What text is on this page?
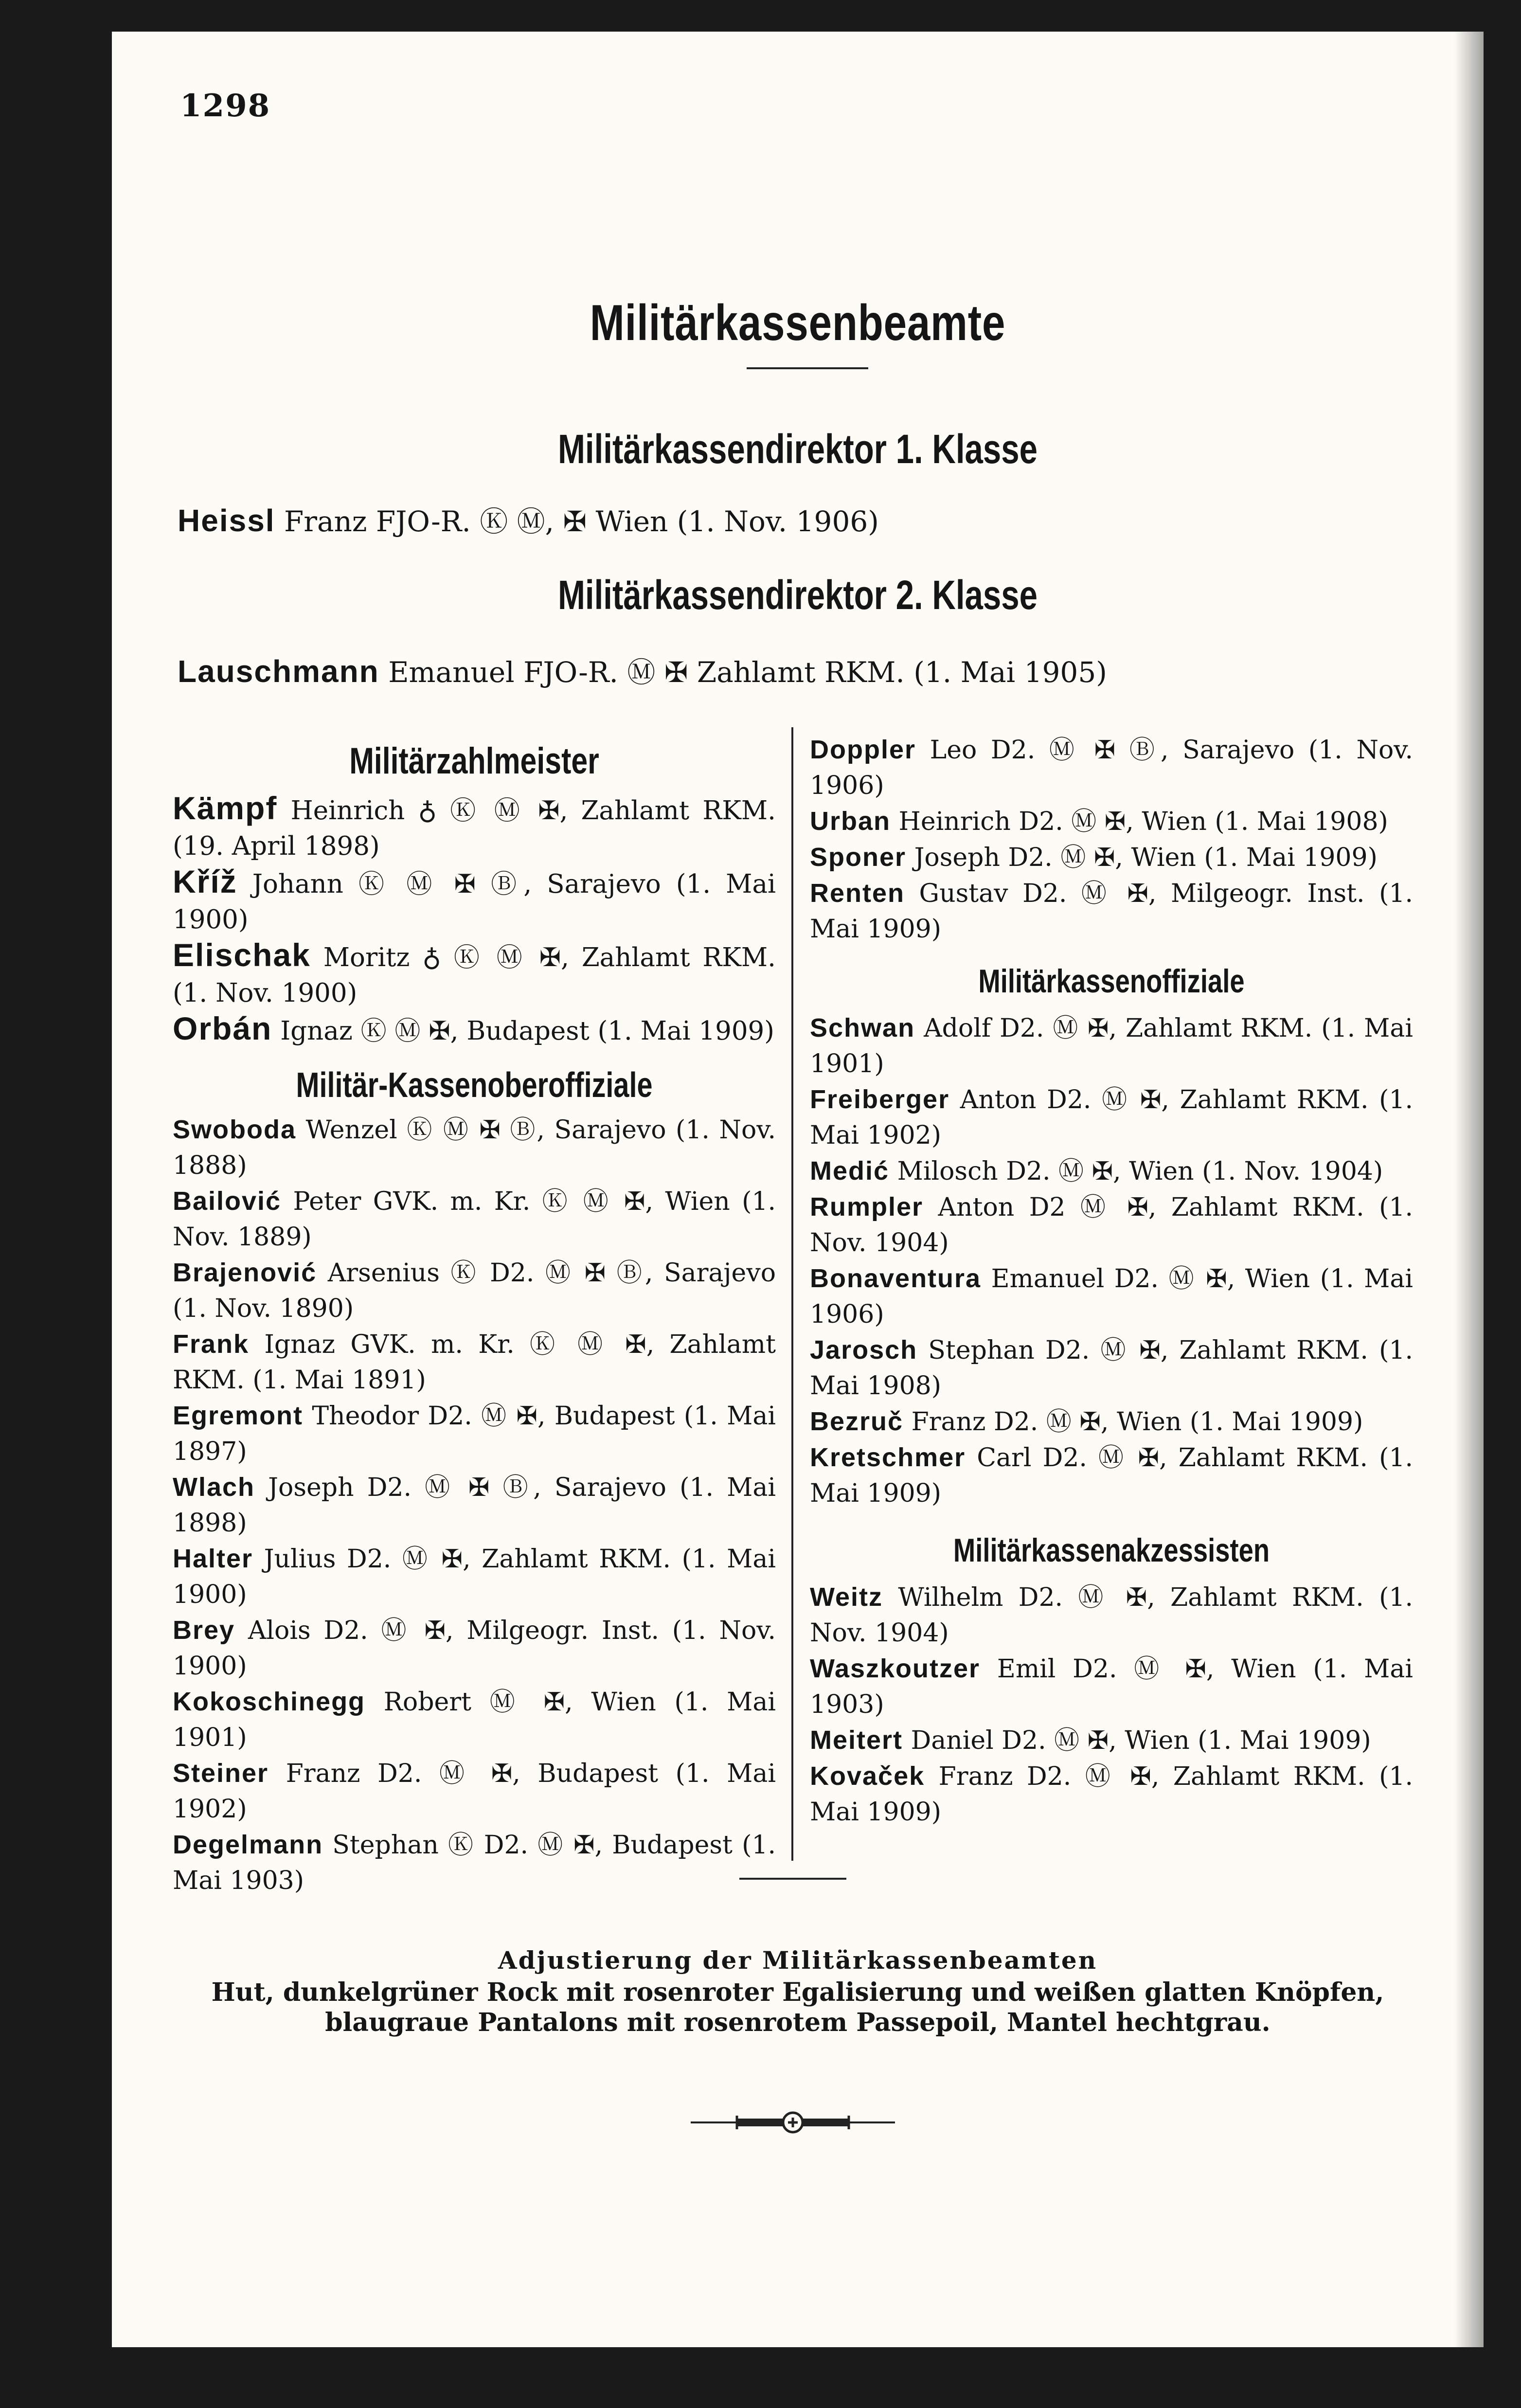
1298
Militärkassenbeamte
Militärkassendirektor 1. Klasse
Heissl Franz FJO-R. Ⓚ Ⓜ, ✠ Wien (1. Nov. 1906)
Militärkassendirektor 2. Klasse
Lauschmann Emanuel FJO-R. Ⓜ ✠ Zahlamt RKM. (1. Mai 1905)
Militärzahlmeister

Kämpf Heinrich ♁ Ⓚ Ⓜ ✠, Zahlamt RKM. (19. April 1898)

Kříž Johann Ⓚ Ⓜ ✠ Ⓑ, Sarajevo (1. Mai 1900)

Elischak Moritz ♁ Ⓚ Ⓜ ✠, Zahlamt RKM. (1. Nov. 1900)

Orbán Ignaz Ⓚ Ⓜ ✠, Budapest (1. Mai 1909)

Militär-Kassenoberoffiziale

Swoboda Wenzel Ⓚ Ⓜ ✠ Ⓑ, Sarajevo (1. Nov. 1888)

Bailović Peter GVK. m. Kr. Ⓚ Ⓜ ✠, Wien (1. Nov. 1889)

Brajenović Arsenius Ⓚ D2. Ⓜ ✠ Ⓑ, Sarajevo (1. Nov. 1890)

Frank Ignaz GVK. m. Kr. Ⓚ Ⓜ ✠, Zahlamt RKM. (1. Mai 1891)

Egremont Theodor D2. Ⓜ ✠, Budapest (1. Mai 1897)

Wlach Joseph D2. Ⓜ ✠ Ⓑ, Sarajevo (1. Mai 1898)

Halter Julius D2. Ⓜ ✠, Zahlamt RKM. (1. Mai 1900)

Brey Alois D2. Ⓜ ✠, Milgeogr. Inst. (1. Nov. 1900)

Kokoschinegg Robert Ⓜ ✠, Wien (1. Mai 1901)

Steiner Franz D2. Ⓜ ✠, Budapest (1. Mai 1902)

Degelmann Stephan Ⓚ D2. Ⓜ ✠, Budapest (1. Mai 1903)

Doppler Leo D2. Ⓜ ✠ Ⓑ, Sarajevo (1. Nov. 1906)

Urban Heinrich D2. Ⓜ ✠, Wien (1. Mai 1908)

Sponer Joseph D2. Ⓜ ✠, Wien (1. Mai 1909)

Renten Gustav D2. Ⓜ ✠, Milgeogr. Inst. (1. Mai 1909)

Militärkassenoffiziale

Schwan Adolf D2. Ⓜ ✠, Zahlamt RKM. (1. Mai 1901)

Freiberger Anton D2. Ⓜ ✠, Zahlamt RKM. (1. Mai 1902)

Medić Milosch D2. Ⓜ ✠, Wien (1. Nov. 1904)

Rumpler Anton D2 Ⓜ ✠, Zahlamt RKM. (1. Nov. 1904)

Bonaventura Emanuel D2. Ⓜ ✠, Wien (1. Mai 1906)

Jarosch Stephan D2. Ⓜ ✠, Zahlamt RKM. (1. Mai 1908)

Bezruč Franz D2. Ⓜ ✠, Wien (1. Mai 1909)

Kretschmer Carl D2. Ⓜ ✠, Zahlamt RKM. (1. Mai 1909)

Militärkassenakzessisten

Weitz Wilhelm D2. Ⓜ ✠, Zahlamt RKM. (1. Nov. 1904)

Waszkoutzer Emil D2. Ⓜ ✠, Wien (1. Mai 1903)

Meitert Daniel D2. Ⓜ ✠, Wien (1. Mai 1909)

Kovaček Franz D2. Ⓜ ✠, Zahlamt RKM. (1. Mai 1909)

Adjustierung der Militärkassenbeamten
Hut, dunkelgrüner Rock mit rosenroter Egalisierung und weißen glatten Knöpfen, blaugraue Pantalons mit rosenrotem Passepoil, Mantel hechtgrau.
